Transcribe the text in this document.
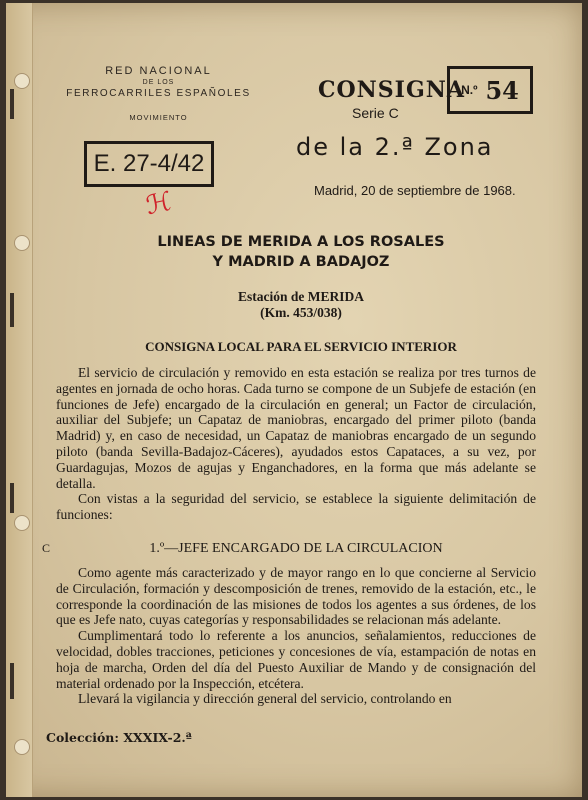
RED NACIONAL
DE LOS
FERROCARRILES ESPAÑOLES
MOVIMIENTO
E. 27-4/42
ℋ
CONSIGNA
Serie C
N.º 54
de la 2.ª Zona
Madrid, 20 de septiembre de 1968.
LINEAS DE MERIDA A LOS ROSALES
Y MADRID A BADAJOZ
Estación de MERIDA
(Km. 453/038)
CONSIGNA LOCAL PARA EL SERVICIO INTERIOR

El servicio de circulación y removido en esta estación se realiza por tres turnos de agentes en jornada de ocho horas. Cada turno se compone de un Subjefe de estación (en funciones de Jefe) encargado de la circulación en general; un Factor de circulación, auxiliar del Subjefe; un Capataz de maniobras, encargado del primer piloto (banda Madrid) y, en caso de necesidad, un Capataz de maniobras encargado de un segundo piloto (banda Sevilla-Badajoz-Cáceres), ayudados estos Capataces, a su vez, por Guardagujas, Mozos de agujas y Enganchadores, en la forma que más adelante se detalla.

Con vistas a la seguridad del servicio, se establece la siguiente delimitación de funciones:

C	1.º—JEFE ENCARGADO DE LA CIRCULACION

Como agente más caracterizado y de mayor rango en lo que concierne al Servicio de Circulación, formación y descomposición de trenes, removido de la estación, etc., le corresponde la coordinación de las misiones de todos los agentes a sus órdenes, de los que es Jefe nato, cuyas categorías y responsabilidades se relacionan más adelante.

Cumplimentará todo lo referente a los anuncios, señalamientos, reducciones de velocidad, dobles tracciones, peticiones y concesiones de vía, estampación de notas en hoja de marcha, Orden del día del Puesto Auxiliar de Mando y de consignación del material ordenado por la Inspección, etcétera.

Llevará la vigilancia y dirección general del servicio, controlando en

Colección: XXXIX-2.ª
